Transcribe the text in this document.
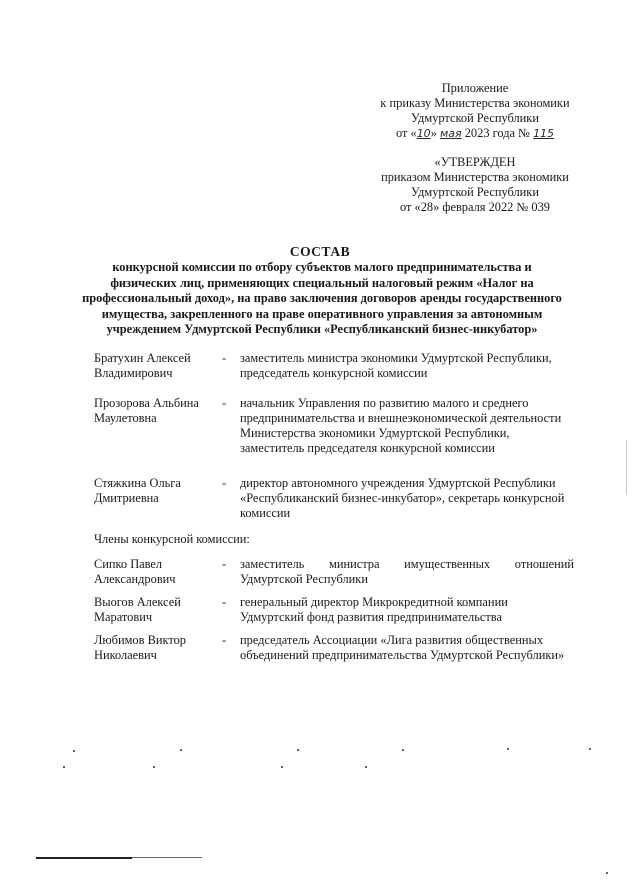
Приложение
к приказу Министерства экономики
Удмуртской Республики
от «10» мая 2023 года № 115
«УТВЕРЖДЕН
приказом Министерства экономики
Удмуртской Республики
от «28» февраля 2022 № 039
СОСТАВ
конкурсной комиссии по отбору субъектов малого предпринимательства и физических лиц, применяющих специальный налоговый режим «Налог на профессиональный доход», на право заключения договоров аренды государственного имущества, закрепленного на праве оперативного управления за автономным учреждением Удмуртской Республики «Республиканский бизнес-инкубатор»
Братухин Алексей
Владимирович
-	заместитель министра экономики Удмуртской Республики, председатель конкурсной комиссии
Прозорова Альбина
Маулетовна
-	начальник Управления по развитию малого и среднего предпринимательства и внешнеэкономической деятельности Министерства экономики Удмуртской Республики, заместитель председателя конкурсной комиссии
Стяжкина Ольга
Дмитриевна
-	директор автономного учреждения Удмуртской Республики «Республиканский бизнес-инкубатор», секретарь конкурсной комиссии
Члены конкурсной комиссии:
Сипко Павел
Александрович
-	заместитель министра имущественных отношений Удмуртской Республики
Выогов Алексей
Маратович
-	генеральный директор Микрокредитной компании Удмуртский фонд развития предпринимательства
Любимов Виктор
Николаевич
-	председатель Ассоциации «Лига развития общественных объединений предпринимательства Удмуртской Республики»
